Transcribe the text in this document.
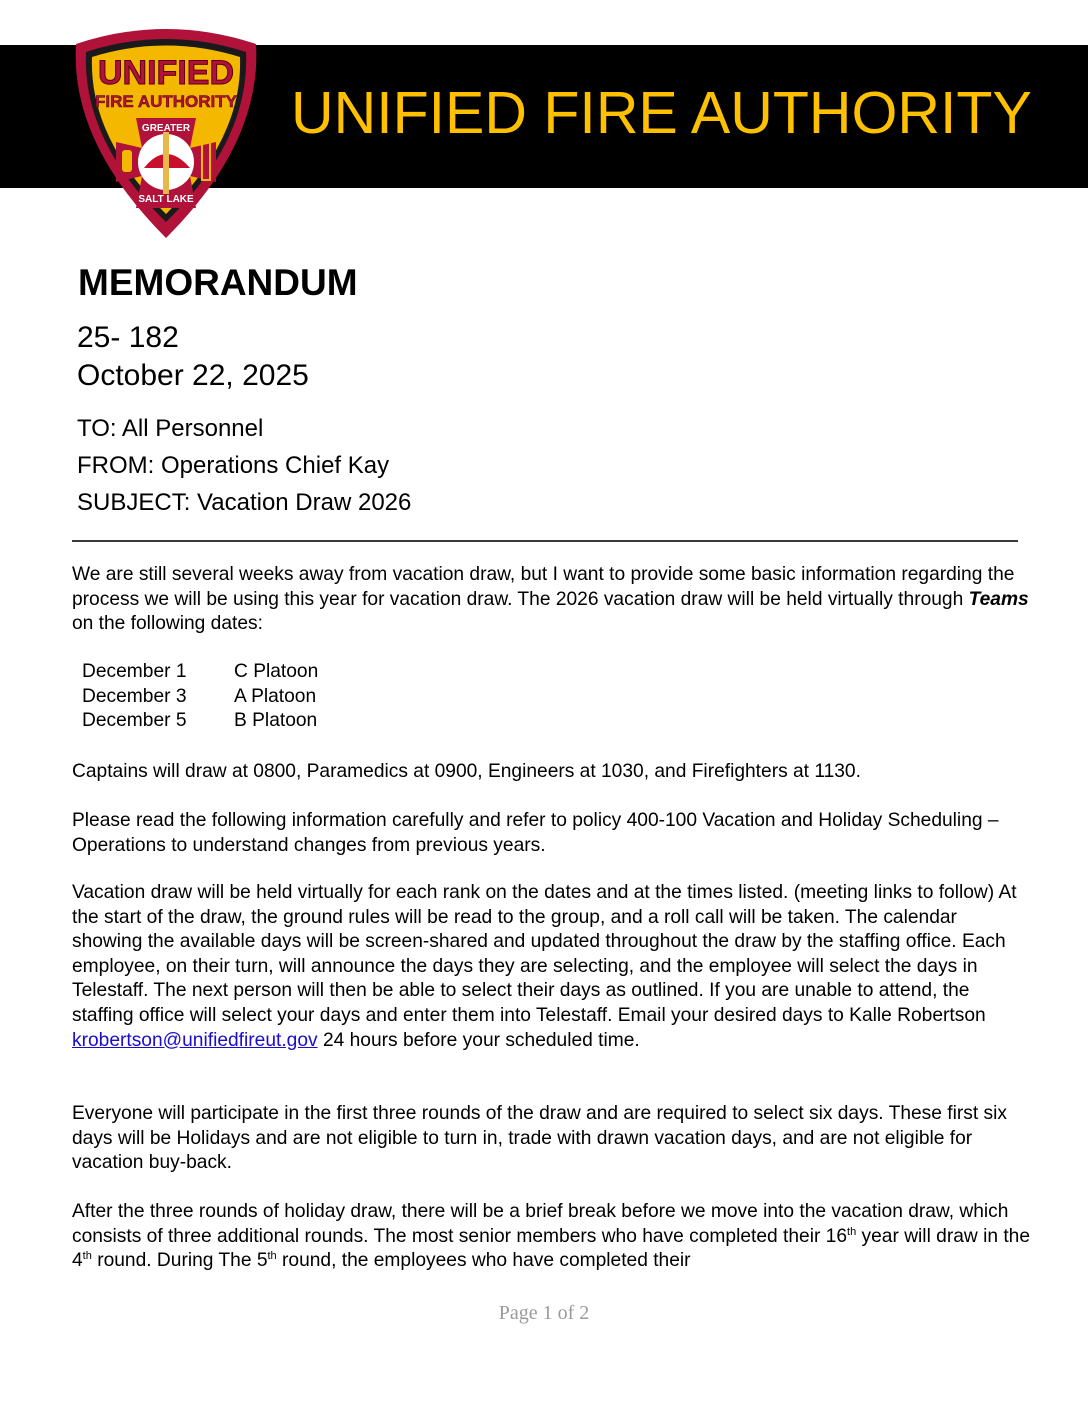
UNIFIED
FIRE AUTHORITY
GREATER
SALT LAKE
UNIFIED FIRE AUTHORITY
MEMORANDUM
25- 182
October 22, 2025
TO: All Personnel
FROM: Operations Chief Kay
SUBJECT: Vacation Draw 2026

We are still several weeks away from vacation draw, but I want to provide some basic information regarding the process we will be using this year for vacation draw. The 2026 vacation draw will be held virtually through Teams on the following dates:

December 1	C Platoon
December 3	A Platoon
December 5	B Platoon

Captains will draw at 0800, Paramedics at 0900, Engineers at 1030, and Firefighters at 1130.

Please read the following information carefully and refer to policy 400-100 Vacation and Holiday Scheduling – Operations to understand changes from previous years.

Vacation draw will be held virtually for each rank on the dates and at the times listed. (meeting links to follow) At the start of the draw, the ground rules will be read to the group, and a roll call will be taken. The calendar showing the available days will be screen-shared and updated throughout the draw by the staffing office. Each employee, on their turn, will announce the days they are selecting, and the employee will select the days in Telestaff. The next person will then be able to select their days as outlined. If you are unable to attend, the staffing office will select your days and enter them into Telestaff. Email your desired days to Kalle Robertson krobertson@unifiedfireut.gov 24 hours before your scheduled time.

Everyone will participate in the first three rounds of the draw and are required to select six days. These first six days will be Holidays and are not eligible to turn in, trade with drawn vacation days, and are not eligible for vacation buy-back.

After the three rounds of holiday draw, there will be a brief break before we move into the vacation draw, which consists of three additional rounds. The most senior members who have completed their 16th year will draw in the 4th round. During The 5th round, the employees who have completed their

Page 1 of 2
